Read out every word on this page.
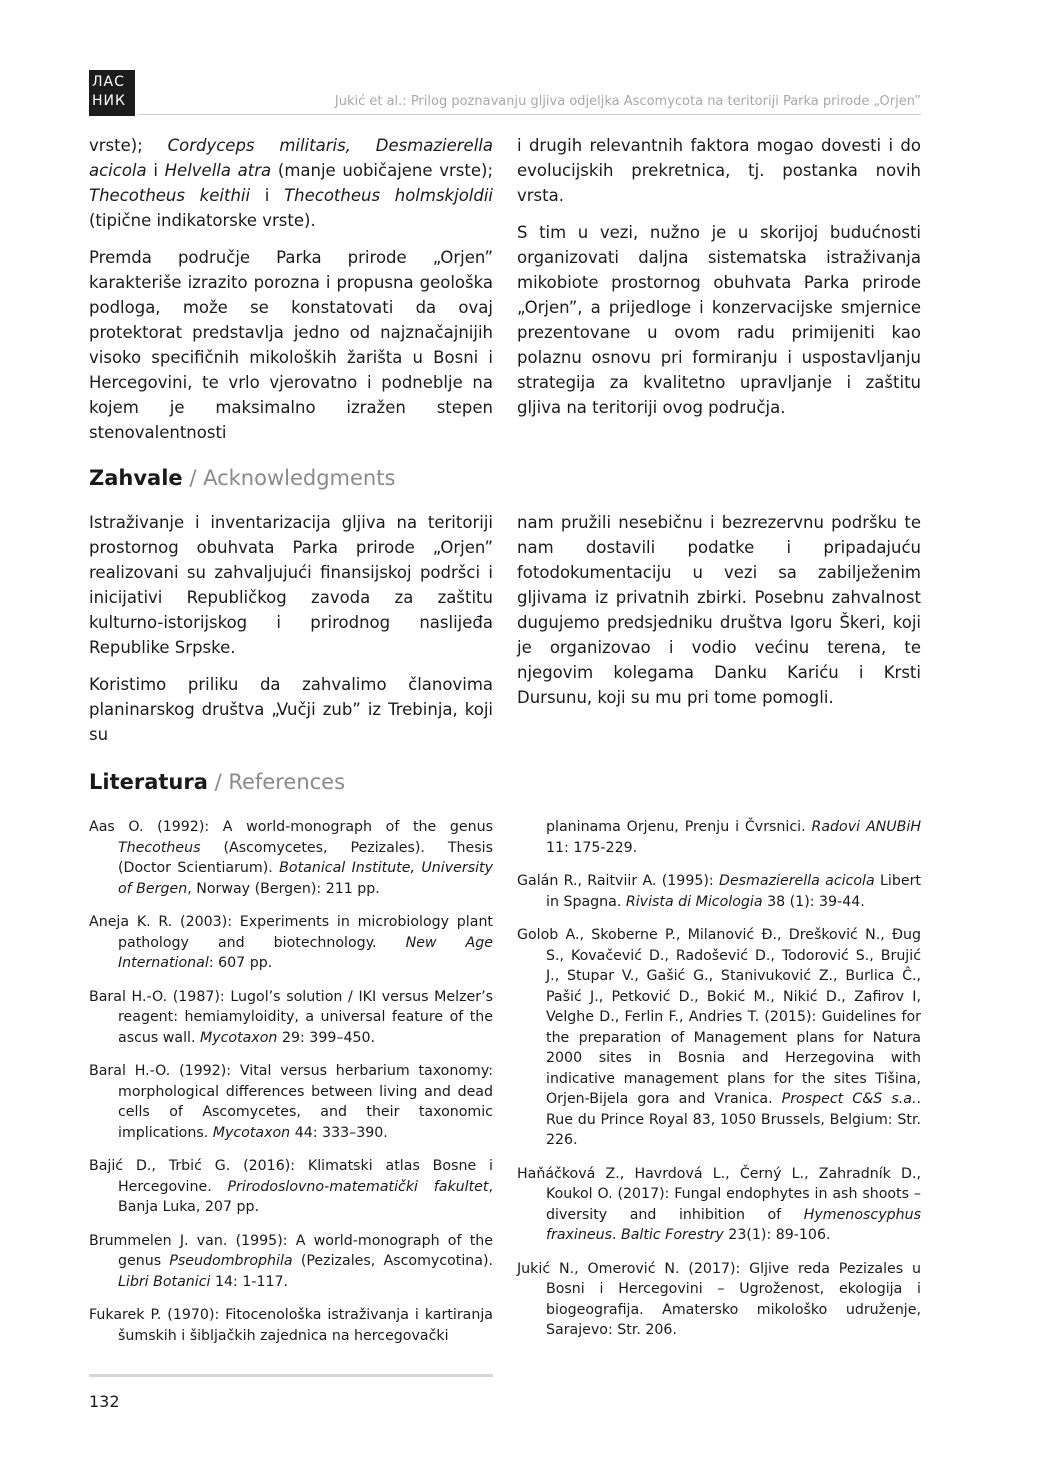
ЛАС
НИК	Jukić et al.: Prilog poznavanju gljiva odjeljka Ascomycota na teritoriji Parka prirode „Orjen”

vrste); Cordyceps militaris, Desmazierella acicola i Helvella atra (manje uobičajene vrste); Thecotheus keithii i Thecotheus holmskjoldii (tipične indikatorske vrste).

Premda područje Parka prirode „Orjen” karakteriše izrazito porozna i propusna geološka podloga, može se konstatovati da ovaj protektorat predstavlja jedno od najznačajnijih visoko specifičnih mikoloških žarišta u Bosni i Hercegovini, te vrlo vjerovatno i podneblje na kojem je maksimalno izražen stepen stenovalentnosti

i drugih relevantnih faktora mogao dovesti i do evolucijskih prekretnica, tj. postanka novih vrsta.

S tim u vezi, nužno je u skorijoj budućnosti organizovati daljna sistematska istraživanja mikobiote prostornog obuhvata Parka prirode „Orjen”, a prijedloge i konzervacijske smjernice prezentovane u ovom radu primijeniti kao polaznu osnovu pri formiranju i uspostavljanju strategija za kvalitetno upravljanje i zaštitu gljiva na teritoriji ovog područja.

Zahvale / Acknowledgments

Istraživanje i inventarizacija gljiva na teritoriji prostornog obuhvata Parka prirode „Orjen” realizovani su zahvaljujući finansijskoj podršci i inicijativi Republičkog zavoda za zaštitu kulturno-istorijskog i prirodnog naslijeđa Republike Srpske.

Koristimo priliku da zahvalimo članovima planinarskog društva „Vučji zub” iz Trebinja, koji su

nam pružili nesebičnu i bezrezervnu podršku te nam dostavili podatke i pripadajuću fotodokumentaciju u vezi sa zabilježenim gljivama iz privatnih zbirki. Posebnu zahvalnost dugujemo predsjedniku društva Igoru Škeri, koji je organizovao i vodio većinu terena, te njegovim kolegama Danku Kariću i Krsti Dursunu, koji su mu pri tome pomogli.

Literatura / References
Aas O. (1992): A world-monograph of the genus Thecotheus (Ascomycetes, Pezizales). Thesis (Doctor Scientiarum). Botanical Institute, University of Bergen, Norway (Bergen): 211 pp.
Aneja K. R. (2003): Experiments in microbiology plant pathology and biotechnology. New Age International: 607 pp.
Baral H.-O. (1987): Lugol’s solution / IKI versus Melzer’s reagent: hemiamyloidity, a universal feature of the ascus wall. Mycotaxon 29: 399–450.
Baral H.-O. (1992): Vital versus herbarium taxonomy: morphological differences between living and dead cells of Ascomycetes, and their taxonomic implications. Mycotaxon 44: 333–390.
Bajić D., Trbić G. (2016): Klimatski atlas Bosne i Hercegovine. Prirodoslovno-matematički fakultet, Banja Luka, 207 pp.
Brummelen J. van. (1995): A world-monograph of the genus Pseudombrophila (Pezizales, Ascomycotina). Libri Botanici 14: 1-117.
Fukarek P. (1970): Fitocenološka istraživanja i kartiranja šumskih i šibljačkih zajednica na hercegovački
planinama Orjenu, Prenju i Čvrsnici. Radovi ANUBiH 11: 175-229.
Galán R., Raitviir A. (1995): Desmazierella acicola Libert in Spagna. Rivista di Micologia 38 (1): 39-44.
Golob A., Skoberne P., Milanović Đ., Drešković N., Đug S., Kovačević D., Radošević D., Todorović S., Brujić J., Stupar V., Gašić G., Stanivuković Z., Burlica Ĉ., Pašić J., Petković D., Bokić M., Nikić D., Zafirov I, Velghe D., Ferlin F., Andries T. (2015): Guidelines for the preparation of Management plans for Natura 2000 sites in Bosnia and Herzegovina with indicative management plans for the sites Tišina, Orjen-Bijela gora and Vranica. Prospect C&S s.a.. Rue du Prince Royal 83, 1050 Brussels, Belgium: Str. 226.
Haňáčková Z., Havrdová L., Černý L., Zahradník D., Koukol O. (2017): Fungal endophytes in ash shoots – diversity and inhibition of Hymenoscyphus fraxineus. Baltic Forestry 23(1): 89-106.
Jukić N., Omerović N. (2017): Gljive reda Pezizales u Bosni i Hercegovini – Ugroženost, ekologija i biogeografija. Amatersko mikološko udruženje, Sarajevo: Str. 206.
132
